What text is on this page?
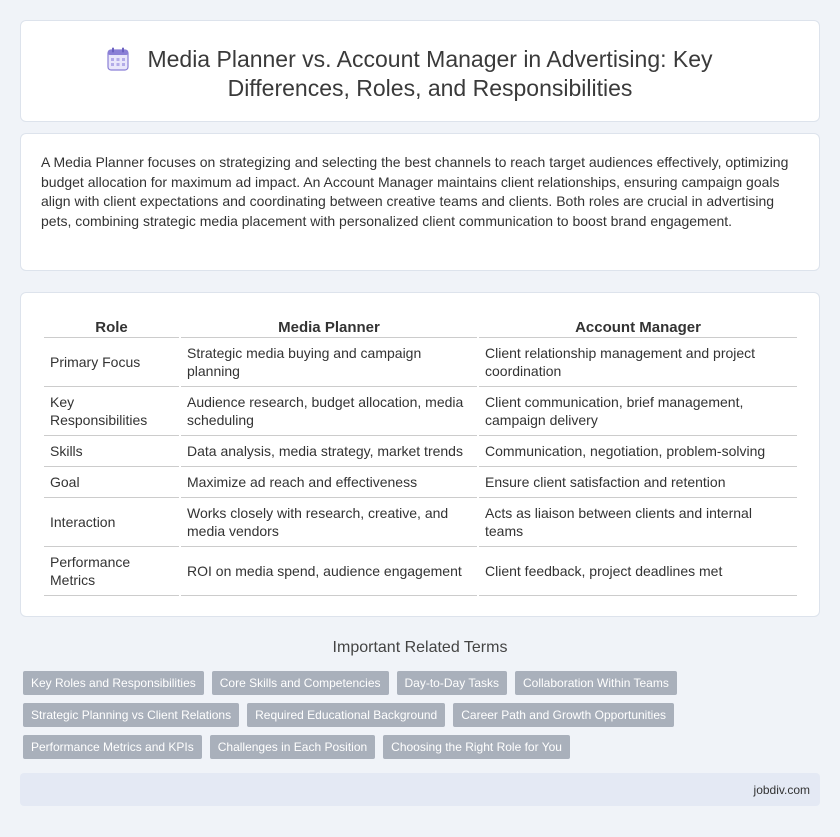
Media Planner vs. Account Manager in Advertising: Key Differences, Roles, and Responsibilities

A Media Planner focuses on strategizing and selecting the best channels to reach target audiences effectively, optimizing budget allocation for maximum ad impact. An Account Manager maintains client relationships, ensuring campaign goals align with client expectations and coordinating between creative teams and clients. Both roles are crucial in advertising pets, combining strategic media placement with personalized client communication to boost brand engagement.

Role	Media Planner	Account Manager
Primary Focus	Strategic media buying and campaign planning	Client relationship management and project coordination
Key Responsibilities	Audience research, budget allocation, media scheduling	Client communication, brief management, campaign delivery
Skills	Data analysis, media strategy, market trends	Communication, negotiation, problem-solving
Goal	Maximize ad reach and effectiveness	Ensure client satisfaction and retention
Interaction	Works closely with research, creative, and media vendors	Acts as liaison between clients and internal teams
Performance Metrics	ROI on media spend, audience engagement	Client feedback, project deadlines met
Important Related Terms
Key Roles and Responsibilities	Core Skills and Competencies	Day-to-Day Tasks	Collaboration Within Teams
Strategic Planning vs Client Relations	Required Educational Background	Career Path and Growth Opportunities
Performance Metrics and KPIs	Challenges in Each Position	Choosing the Right Role for You
jobdiv.com
